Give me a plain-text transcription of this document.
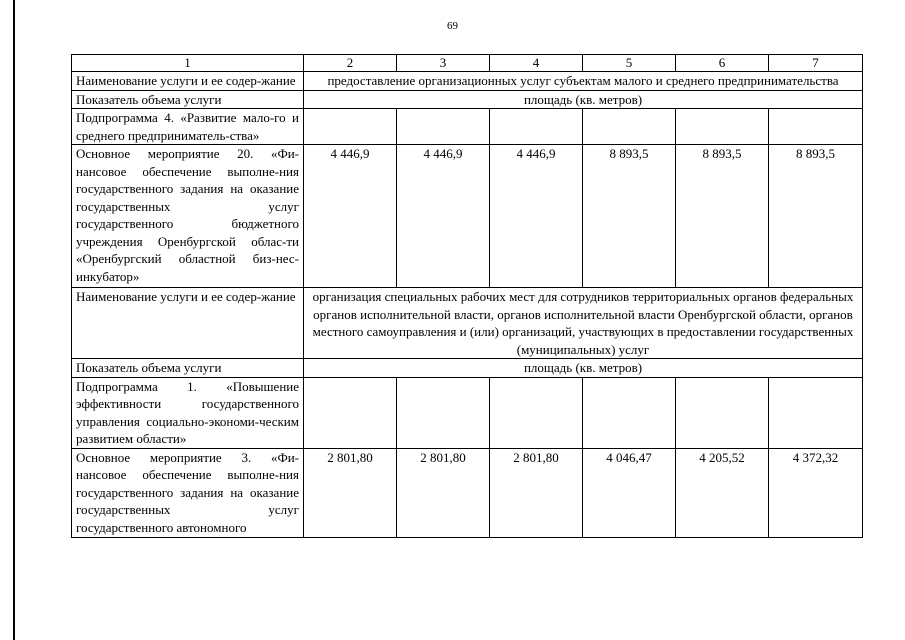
69
1	2	3	4	5	6	7
Наименование услуги и ее содер-жание	предоставление организационных услуг субъектам малого и среднего предпринимательства					
Показатель объема услуги	площадь (кв. метров)					
Подпрограмма 4. «Развитие мало-го и среднего предприниматель-ства»						
Основное мероприятие 20. «Фи-нансовое обеспечение выполне-ния государственного задания на оказание государственных услуг государственного бюджетного учреждения Оренбургской облас-ти «Оренбургский областной биз-нес-инкубатор»	4 446,9	4 446,9	4 446,9	8 893,5	8 893,5	8 893,5
Наименование услуги и ее содер-жание	организация специальных рабочих мест для сотрудников территориальных органов федеральных органов исполнительной власти, органов исполнительной власти Оренбургской области, органов местного самоуправления и (или) организаций, участвующих в предоставлении государственных (муниципальных) услуг					
Показатель объема услуги	площадь (кв. метров)					
Подпрограмма 1. «Повышение эффективности государственного управления социально-экономи-ческим развитием области»						
Основное мероприятие 3. «Фи-нансовое обеспечение выполне-ния государственного задания на оказание государственных услуг государственного автономного	2 801,80	2 801,80	2 801,80	4 046,47	4 205,52	4 372,32
